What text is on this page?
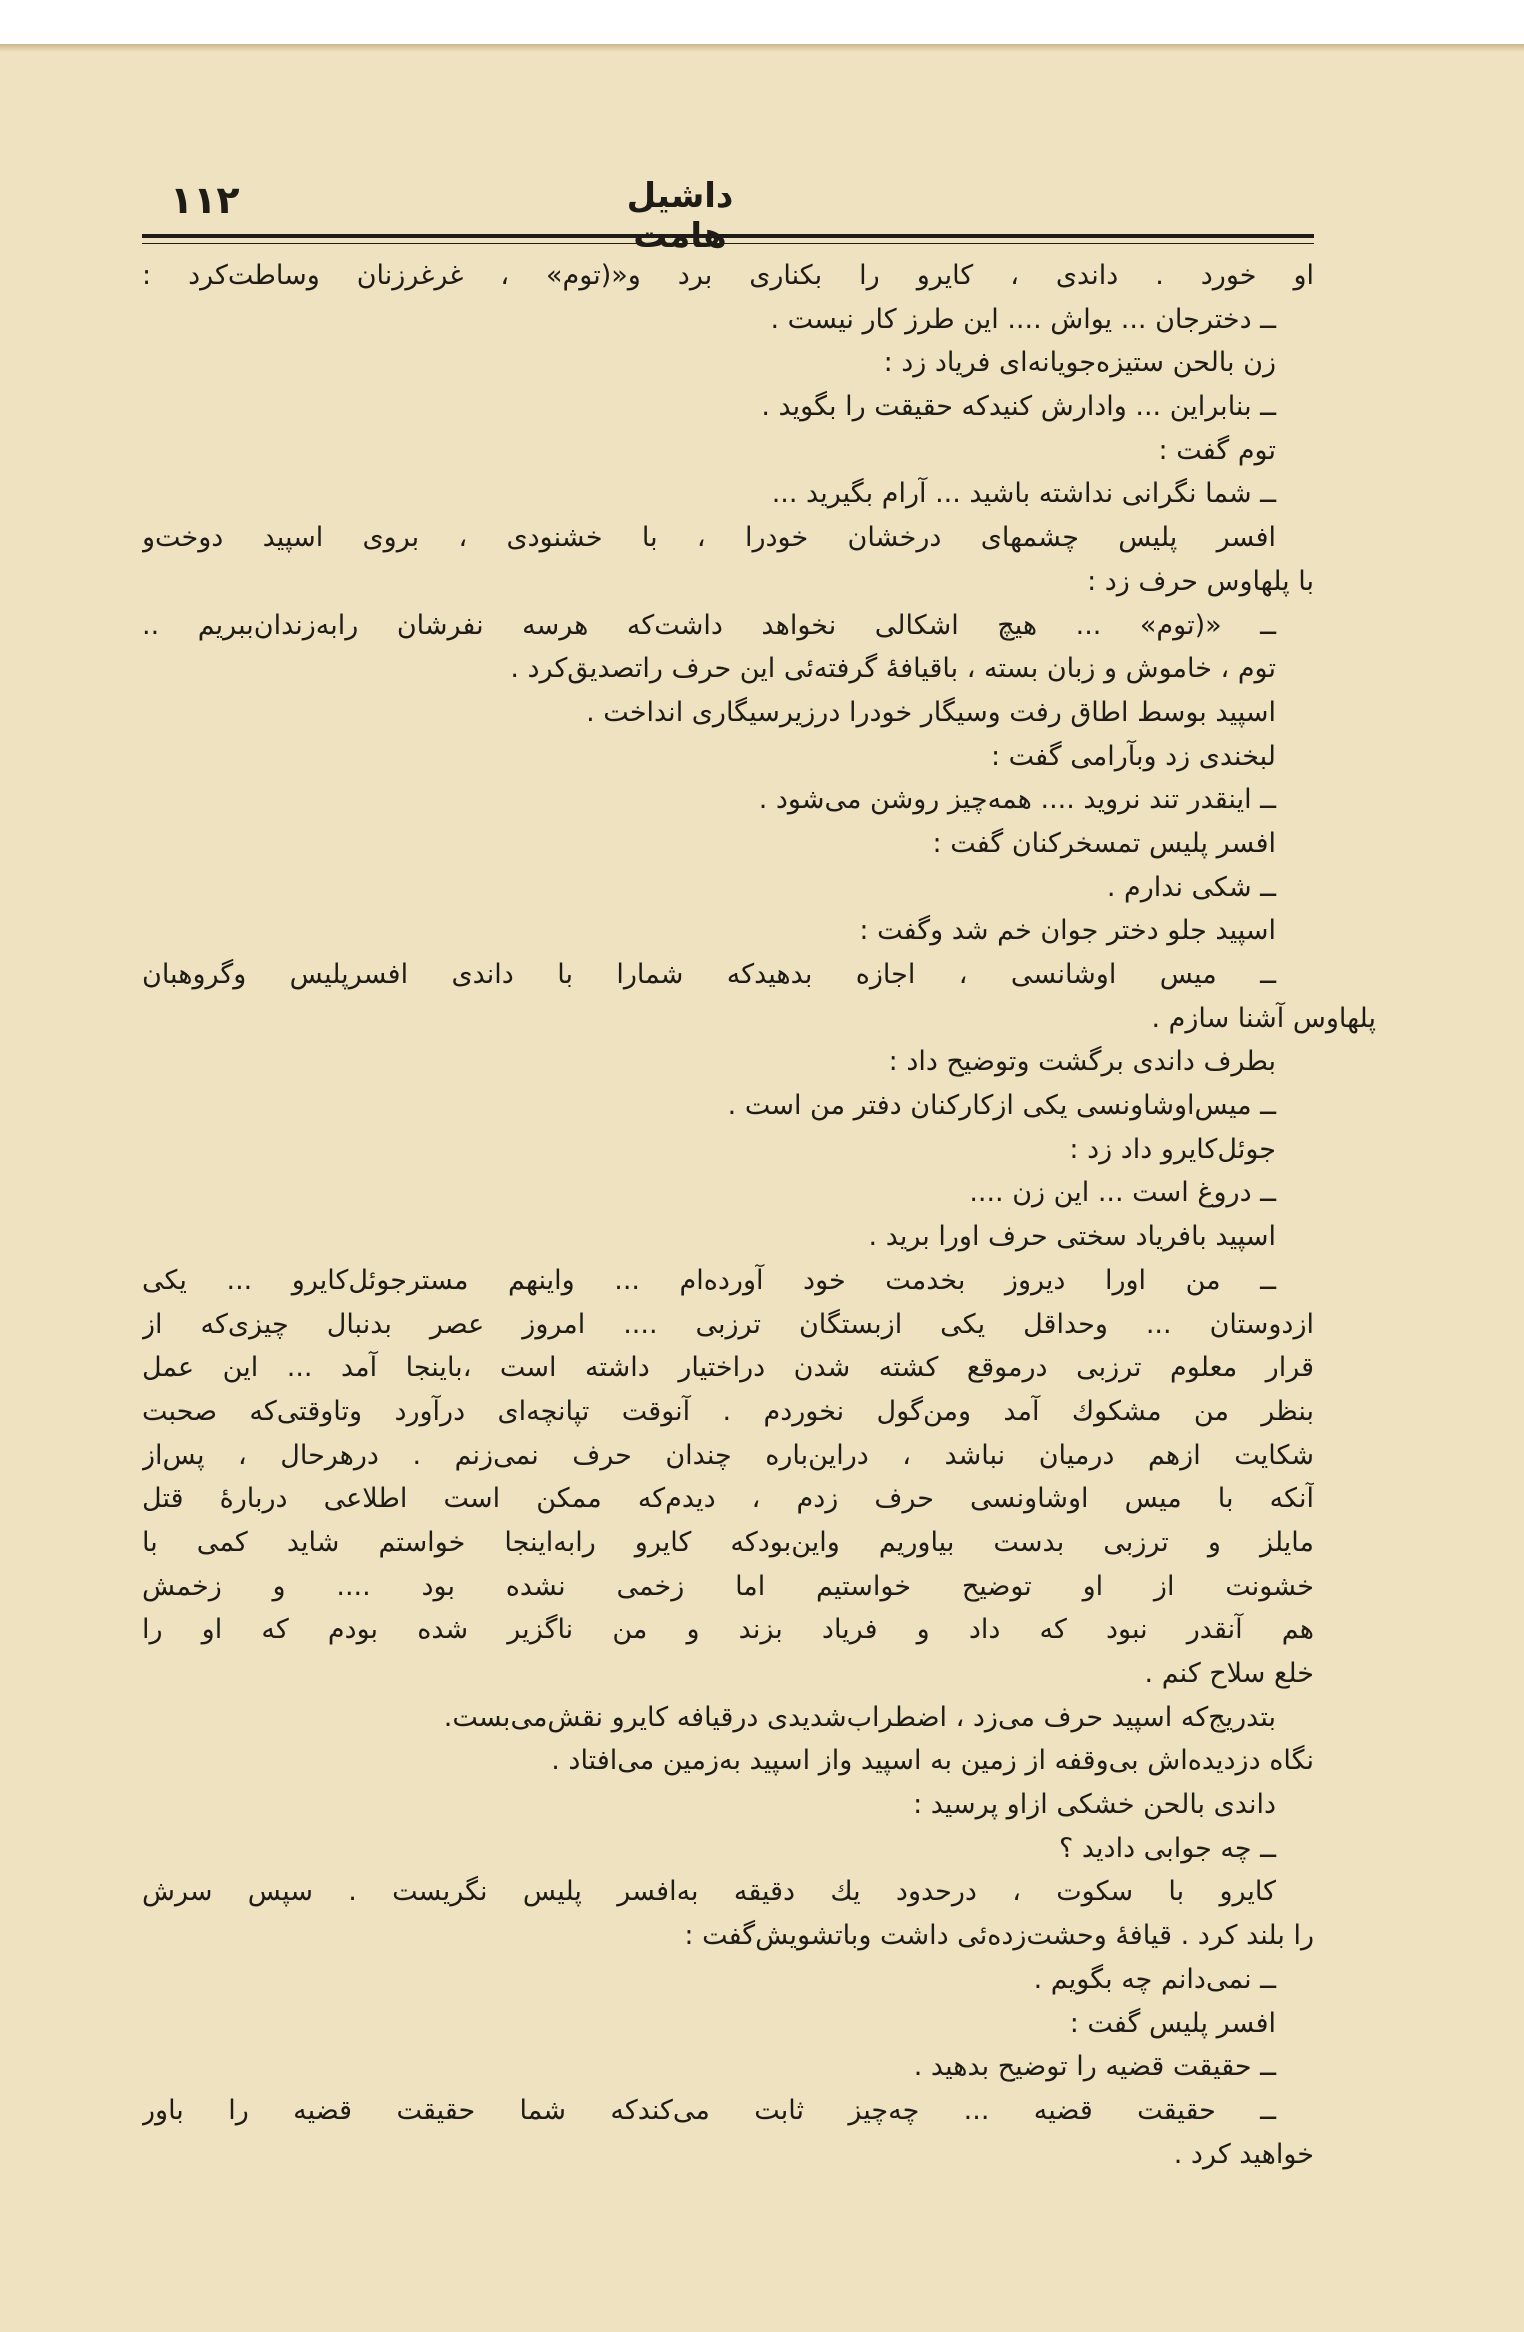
١١٢	داشیل هامت
او خورد . داندی ، کایرو را بکناری برد و«(توم» ، غرغرزنان وساطت‌کرد :
ــ دخترجان ... یواش .... این طرز کار نیست .
زن بالحن ستیزه‌جویانه‌ای فریاد زد :
ــ بنابراین ... وادارش کنیدکه حقیقت را بگوید .
توم گفت :
ــ شما نگرانی نداشته باشید ... آرام بگیرید ...
افسر پلیس چشمهای درخشان خودرا ، با خشنودی ، بروی اسپید دوخت‌و
با پلهاوس حرف زد :
ــ «(توم» ... هیچ اشکالی نخواهد داشت‌که هرسه نفرشان رابه‌زندان‌ببریم ..
توم ، خاموش و زبان بسته ، باقیافهٔ گرفته‌ئی این حرف راتصدیق‌کرد .
اسپید بوسط اطاق رفت وسیگار خودرا درزیرسیگاری انداخت .
لبخندی زد وبآرامی گفت :
ــ اینقدر تند نروید .... همه‌چیز روشن می‌شود .
افسر پلیس تمسخرکنان گفت :
ــ شکی ندارم .
اسپید جلو دختر جوان خم شد وگفت :
ــ میس اوشانسی ، اجازه بدهیدکه شمارا با داندی افسرپلیس وگروهبان
پلهاوس آشنا سازم .
بطرف داندی برگشت وتوضیح داد :
ــ میس‌اوشاونسی یکی ازکارکنان دفتر من است .
جوئل‌کایرو داد زد :
ــ دروغ است ... این زن ....
اسپید بافریاد سختی حرف اورا برید .
ــ من اورا دیروز بخدمت خود آورده‌ام ... واینهم مسترجوئل‌کایرو ... یکی
ازدوستان ... وحداقل یکی ازبستگان ترزبی .... امروز عصر بدنبال چیزی‌که از
قرار معلوم ترزبی درموقع کشته شدن دراختیار داشته است ،باینجا آمد ... این عمل
بنظر من مشکوك آمد ومن‌گول نخوردم . آنوقت تپانچه‌ای درآورد وتاوقتی‌که صحبت
شکایت ازهم درمیان نباشد ، دراین‌باره چندان حرف نمی‌زنم . درهرحال ، پس‌از
آنکه با میس اوشاونسی حرف زدم ، دیدم‌که ممکن است اطلاعی دربارهٔ قتل
مایلز و ترزبی بدست بیاوریم واین‌بودکه کایرو رابه‌اینجا خواستم شاید کمی با
خشونت از او توضیح خواستیم اما زخمی نشده بود .... و زخمش
هم آنقدر نبود که داد و فریاد بزند و من ناگزیر شده بودم که او را
خلع سلاح کنم .
بتدریج‌که اسپید حرف می‌زد ، اضطراب‌شدیدی درقیافه کایرو نقش‌می‌بست.
نگاه دزدیده‌اش بی‌وقفه از زمین به اسپید واز اسپید به‌زمین می‌افتاد .
داندی بالحن خشکی ازاو پرسید :
ــ چه جوابی دادید ؟
کایرو با سکوت ، درحدود یك دقیقه به‌افسر پلیس نگریست . سپس سرش
را بلند کرد . قیافهٔ وحشت‌زده‌ئی داشت وباتشویش‌گفت :
ــ نمی‌دانم چه بگویم .
افسر پلیس گفت :
ــ حقیقت قضیه را توضیح بدهید .
ــ حقیقت قضیه ... چه‌چیز ثابت می‌کندکه شما حقیقت قضیه را باور
خواهید کرد .
